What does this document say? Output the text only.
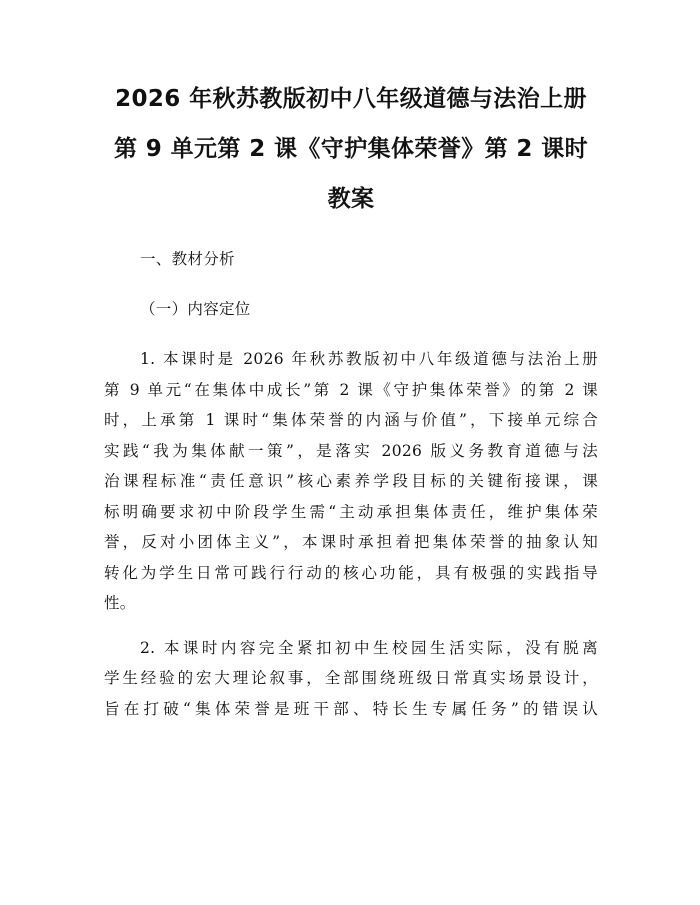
2026 年秋苏教版初中八年级道德与法治上册
第 9 单元第 2 课《守护集体荣誉》第 2 课时
教案

一、教材分析

（一）内容定位

1. 本课时是 2026 年秋苏教版初中八年级道德与法治上册
第 9 单元“在集体中成长”第 2 课《守护集体荣誉》的第 2 课
时，上承第 1 课时“集体荣誉的内涵与价值”，下接单元综合
实践“我为集体献一策”，是落实 2026 版义务教育道德与法
治课程标准“责任意识”核心素养学段目标的关键衔接课，课
标明确要求初中阶段学生需“主动承担集体责任，维护集体荣
誉，反对小团体主义”，本课时承担着把集体荣誉的抽象认知
转化为学生日常可践行行动的核心功能，具有极强的实践指导
性。

2. 本课时内容完全紧扣初中生校园生活实际，没有脱离
学生经验的宏大理论叙事，全部围绕班级日常真实场景设计，
旨在打破“集体荣誉是班干部、特长生专属任务”的错误认
